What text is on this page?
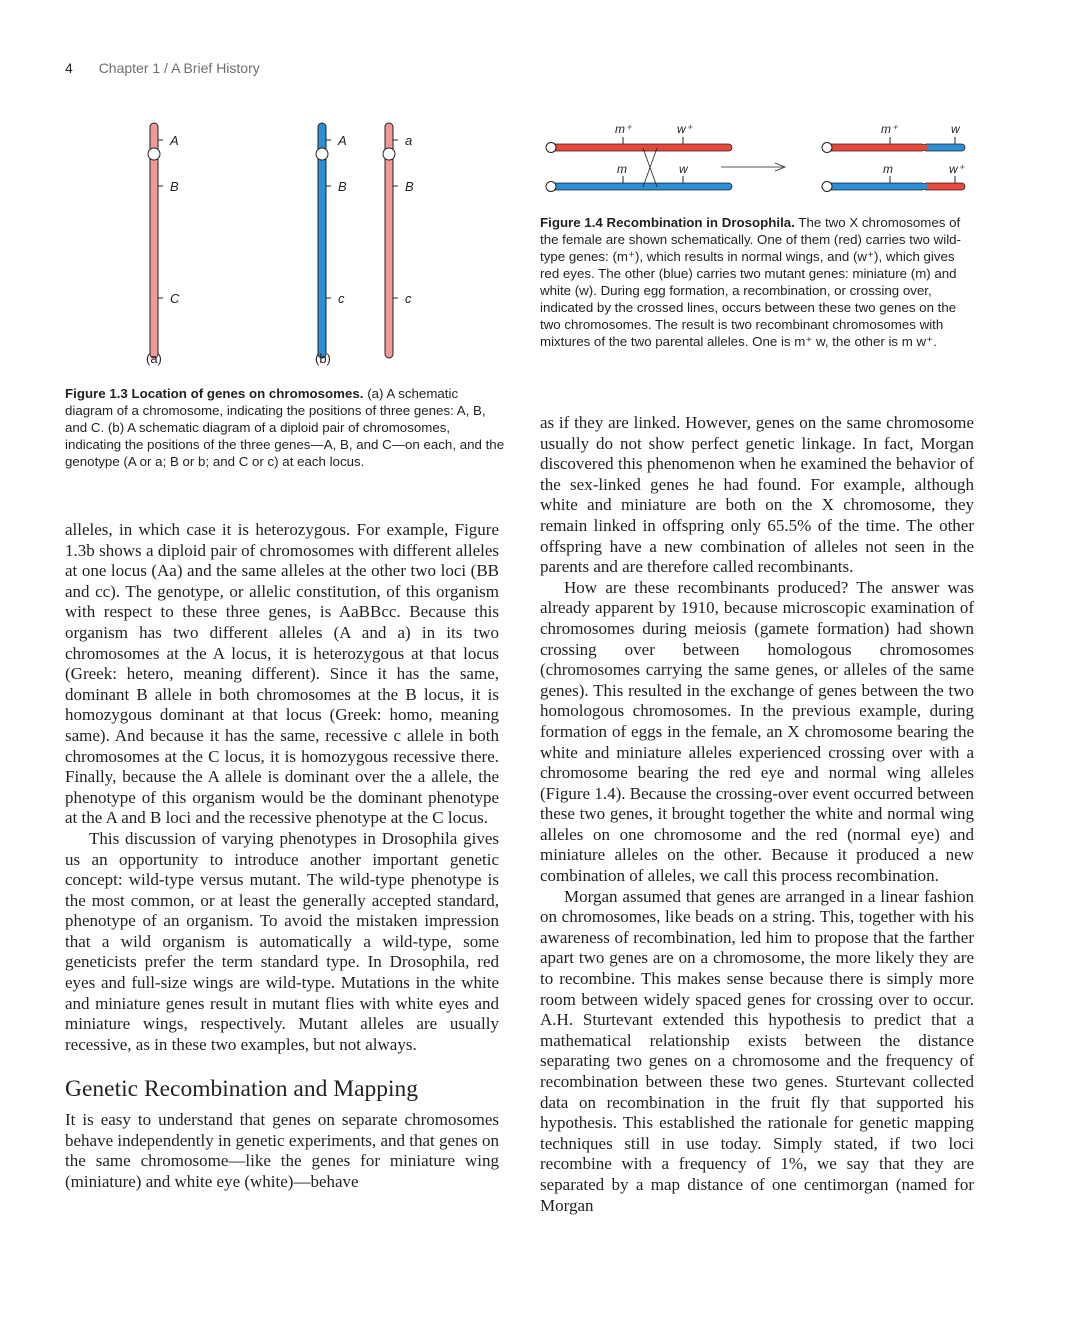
4 Chapter 1 / A Brief History
A
B
C
A
B
c
a
B
c
(a)	(b)
m⁺	w⁺
m	w
m⁺	w
m	w⁺
Figure 1.3 Location of genes on chromosomes. (a) A schematic diagram of a chromosome, indicating the positions of three genes: A, B, and C. (b) A schematic diagram of a diploid pair of chromosomes, indicating the positions of the three genes—A, B, and C—on each, and the genotype (A or a; B or b; and C or c) at each locus.
Figure 1.4 Recombination in Drosophila. The two X chromosomes of the female are shown schematically. One of them (red) carries two wild-type genes: (m⁺), which results in normal wings, and (w⁺), which gives red eyes. The other (blue) carries two mutant genes: miniature (m) and white (w). During egg formation, a recombination, or crossing over, indicated by the crossed lines, occurs between these two genes on the two chromosomes. The result is two recombinant chromosomes with mixtures of the two parental alleles. One is m⁺ w, the other is m w⁺.

alleles, in which case it is heterozygous. For example, Figure 1.3b shows a diploid pair of chromosomes with different alleles at one locus (Aa) and the same alleles at the other two loci (BB and cc). The genotype, or allelic constitution, of this organism with respect to these three genes, is AaBBcc. Because this organism has two different alleles (A and a) in its two chromosomes at the A locus, it is heterozygous at that locus (Greek: hetero, meaning different). Since it has the same, dominant B allele in both chromosomes at the B locus, it is homozygous dominant at that locus (Greek: homo, meaning same). And because it has the same, recessive c allele in both chromosomes at the C locus, it is homozygous recessive there. Finally, because the A allele is dominant over the a allele, the phenotype of this organism would be the dominant phenotype at the A and B loci and the recessive phenotype at the C locus.

This discussion of varying phenotypes in Drosophila gives us an opportunity to introduce another important genetic concept: wild-type versus mutant. The wild-type phenotype is the most common, or at least the generally accepted standard, phenotype of an organism. To avoid the mistaken impression that a wild organism is automatically a wild-type, some geneticists prefer the term standard type. In Drosophila, red eyes and full-size wings are wild-type. Mutations in the white and miniature genes result in mutant flies with white eyes and miniature wings, respectively. Mutant alleles are usually recessive, as in these two examples, but not always.

Genetic Recombination and Mapping

It is easy to understand that genes on separate chromosomes behave independently in genetic experiments, and that genes on the same chromosome—like the genes for miniature wing (miniature) and white eye (white)—behave

as if they are linked. However, genes on the same chromosome usually do not show perfect genetic linkage. In fact, Morgan discovered this phenomenon when he examined the behavior of the sex-linked genes he had found. For example, although white and miniature are both on the X chromosome, they remain linked in offspring only 65.5% of the time. The other offspring have a new combination of alleles not seen in the parents and are therefore called recombinants.

How are these recombinants produced? The answer was already apparent by 1910, because microscopic examination of chromosomes during meiosis (gamete formation) had shown crossing over between homologous chromosomes (chromosomes carrying the same genes, or alleles of the same genes). This resulted in the exchange of genes between the two homologous chromosomes. In the previous example, during formation of eggs in the female, an X chromosome bearing the white and miniature alleles experienced crossing over with a chromosome bearing the red eye and normal wing alleles (Figure 1.4). Because the crossing-over event occurred between these two genes, it brought together the white and normal wing alleles on one chromosome and the red (normal eye) and miniature alleles on the other. Because it produced a new combination of alleles, we call this process recombination.

Morgan assumed that genes are arranged in a linear fashion on chromosomes, like beads on a string. This, together with his awareness of recombination, led him to propose that the farther apart two genes are on a chromosome, the more likely they are to recombine. This makes sense because there is simply more room between widely spaced genes for crossing over to occur. A.H. Sturtevant extended this hypothesis to predict that a mathematical relationship exists between the distance separating two genes on a chromosome and the frequency of recombination between these two genes. Sturtevant collected data on recombination in the fruit fly that supported his hypothesis. This established the rationale for genetic mapping techniques still in use today. Simply stated, if two loci recombine with a frequency of 1%, we say that they are separated by a map distance of one centimorgan (named for Morgan
